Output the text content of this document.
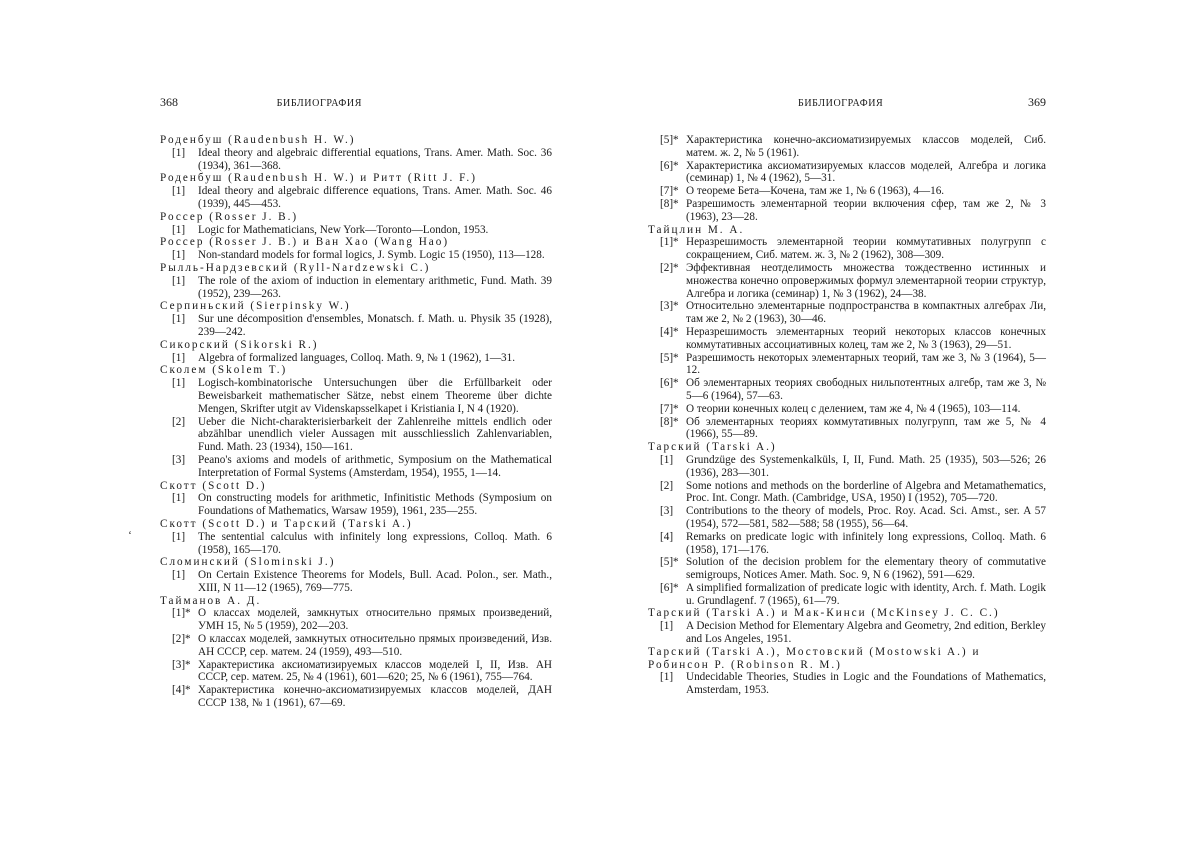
368	БИБЛИОГРАФИЯ
Роденбуш (Raudenbush H. W.)
[1]	Ideal theory and algebraic differential equations, Trans. Amer. Math. Soc. 36 (1934), 361—368.
Роденбуш (Raudenbush H. W.) и Ритт (Ritt J. F.)
[1]	Ideal theory and algebraic difference equations, Trans. Amer. Math. Soc. 46 (1939), 445—453.
Россер (Rosser J. B.)
[1]	Logic for Mathematicians, New York—Toronto—London, 1953.
Россер (Rosser J. B.) и Ван Хао (Wang Hao)
[1]	Non-standard models for formal logics, J. Symb. Logic 15 (1950), 113—128.
Рылль-Нардзевский (Ryll-Nardzewski C.)
[1]	The role of the axiom of induction in elementary arithmetic, Fund. Math. 39 (1952), 239—263.
Серпиньский (Sierpinsky W.)
[1]	Sur une décomposition d'ensembles, Monatsch. f. Math. u. Physik 35 (1928), 239—242.
Сикорский (Sikorski R.)
[1]	Algebra of formalized languages, Colloq. Math. 9, № 1 (1962), 1—31.
Сколем (Skolem T.)
[1]	Logisch-kombinatorische Untersuchungen über die Erfüllbarkeit oder Beweisbarkeit mathematischer Sätze, nebst einem Theoreme über dichte Mengen, Skrifter utgit av Videnskapsselkapet i Kristiania I, N 4 (1920).
[2]	Ueber die Nicht-charakterisierbarkeit der Zahlenreihe mittels endlich oder abzählbar unendlich vieler Aussagen mit ausschliesslich Zahlenvariablen, Fund. Math. 23 (1934), 150—161.
[3]	Peano's axioms and models of arithmetic, Symposium on the Mathematical Interpretation of Formal Systems (Amsterdam, 1954), 1955, 1—14.
Скотт (Scott D.)
[1]	On constructing models for arithmetic, Infinitistic Methods (Symposium on Foundations of Mathematics, Warsaw 1959), 1961, 235—255.
Скотт (Scott D.) и Тарский (Tarski A.)
[1]	The sentential calculus with infinitely long expressions, Colloq. Math. 6 (1958), 165—170.
Сломинский (Slominski J.)
[1]	On Certain Existence Theorems for Models, Bull. Acad. Polon., ser. Math., XIII, N 11—12 (1965), 769—775.
Тайманов А. Д.
[1]* О классах моделей, замкнутых относительно прямых произведений, УМН 15, № 5 (1959), 202—203.
[2]* О классах моделей, замкнутых относительно прямых произведений, Изв. АН СССР, сер. матем. 24 (1959), 493—510.
[3]* Характеристика аксиоматизируемых классов моделей I, II, Изв. АН СССР, сер. матем. 25, № 4 (1961), 601—620; 25, № 6 (1961), 755—764.
[4]* Характеристика конечно-аксиоматизируемых классов моделей, ДАН СССР 138, № 1 (1961), 67—69.
БИБЛИОГРАФИЯ	369
[5]* Характеристика конечно-аксиоматизируемых классов моделей, Сиб. матем. ж. 2, № 5 (1961).
[6]* Характеристика аксиоматизируемых классов моделей, Алгебра и логика (семинар) 1, № 4 (1962), 5—31.
[7]* О теореме Бета—Кочена, там же 1, № 6 (1963), 4—16.
[8]* Разрешимость элементарной теории включения сфер, там же 2, № 3 (1963), 23—28.
Тайцлин М. А.
[1]* Неразрешимость элементарной теории коммутативных полугрупп с сокращением, Сиб. матем. ж. 3, № 2 (1962), 308—309.
[2]* Эффективная неотделимость множества тождественно истинных и множества конечно опровержимых формул элементарной теории структур, Алгебра и логика (семинар) 1, № 3 (1962), 24—38.
[3]* Относительно элементарные подпространства в компактных алгебрах Ли, там же 2, № 2 (1963), 30—46.
[4]* Неразрешимость элементарных теорий некоторых классов конечных коммутативных ассоциативных колец, там же 2, № 3 (1963), 29—51.
[5]* Разрешимость некоторых элементарных теорий, там же 3, № 3 (1964), 5—12.
[6]* Об элементарных теориях свободных нильпотентных алгебр, там же 3, № 5—6 (1964), 57—63.
[7]* О теории конечных колец с делением, там же 4, № 4 (1965), 103—114.
[8]* Об элементарных теориях коммутативных полугрупп, там же 5, № 4 (1966), 55—89.
Тарский (Tarski A.)
[1]	Grundzüge des Systemenkalküls, I, II, Fund. Math. 25 (1935), 503—526; 26 (1936), 283—301.
[2]	Some notions and methods on the borderline of Algebra and Metamathematics, Proc. Int. Congr. Math. (Cambridge, USA, 1950) I (1952), 705—720.
[3]	Contributions to the theory of models, Proc. Roy. Acad. Sci. Amst., ser. A 57 (1954), 572—581, 582—588; 58 (1955), 56—64.
[4]	Remarks on predicate logic with infinitely long expressions, Colloq. Math. 6 (1958), 171—176.
[5]* Solution of the decision problem for the elementary theory of commutative semigroups, Notices Amer. Math. Soc. 9, N 6 (1962), 591—629.
[6]* A simplified formalization of predicate logic with identity, Arch. f. Math. Logik u. Grundlagenf. 7 (1965), 61—79.
Тарский (Tarski A.) и Мак-Кинси (McKinsey J. C. C.)
[1]	A Decision Method for Elementary Algebra and Geometry, 2nd edition, Berkley and Los Angeles, 1951.
Тарский (Tarski A.), Мостовский (Mostowski A.) и Робинсон Р. (Robinson R. M.)
[1]	Undecidable Theories, Studies in Logic and the Foundations of Mathematics, Amsterdam, 1953.
‘
